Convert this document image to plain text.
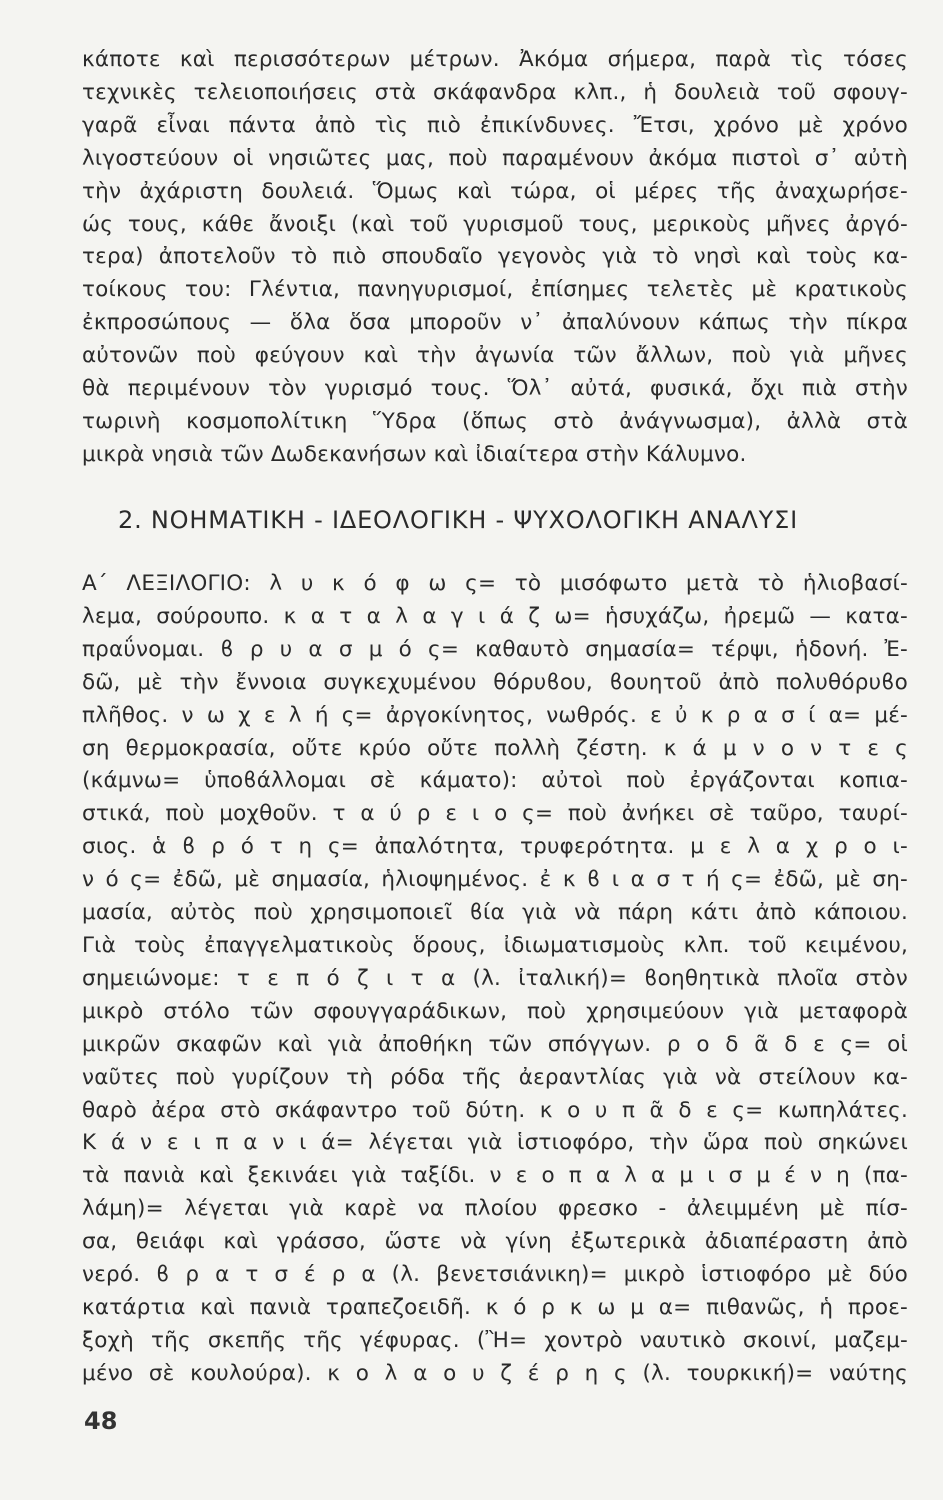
κάποτε καὶ περισσότερων μέτρων. Ἀκόμα σήμερα, παρὰ τὶς τόσες
τεχνικὲς τελειοποιήσεις στὰ σκάφανδρα κλπ., ἡ δουλειὰ τοῦ σφουγ-
γαρᾶ εἶναι πάντα ἀπὸ τὶς πιὸ ἐπικίνδυνες. Ἔτσι, χρόνο μὲ χρόνο
λιγοστεύουν οἱ νησιῶτες μας, ποὺ παραμένουν ἀκόμα πιστοὶ σ᾽ αὐτὴ
τὴν ἀχάριστη δουλειά. Ὅμως καὶ τώρα, οἱ μέρες τῆς ἀναχωρήσε-
ώς τους, κάθε ἄνοιξι (καὶ τοῦ γυρισμοῦ τους, μερικοὺς μῆνες ἀργό-
τερα) ἀποτελοῦν τὸ πιὸ σπουδαῖο γεγονὸς γιὰ τὸ νησὶ καὶ τοὺς κα-
τοίκους του: Γλέντια, πανηγυρισμοί, ἐπίσημες τελετὲς μὲ κρατικοὺς
ἐκπροσώπους — ὅλα ὅσα μποροῦν ν᾽ ἀπαλύνουν κάπως τὴν πίκρα
αὐτονῶν ποὺ φεύγουν καὶ τὴν ἀγωνία τῶν ἄλλων, ποὺ γιὰ μῆνες
θὰ περιμένουν τὸν γυρισμό τους. Ὅλ᾽ αὐτά, φυσικά, ὄχι πιὰ στὴν
τωρινὴ κοσμοπολίτικη Ὕδρα (ὅπως στὸ ἀνάγνωσμα), ἀλλὰ στὰ
μικρὰ νησιὰ τῶν Δωδεκανήσων καὶ ἰδιαίτερα στὴν Κάλυμνο.
2. ΝΟΗΜΑΤΙΚΗ - ΙΔΕΟΛΟΓΙΚΗ - ΨΥΧΟΛΟΓΙΚΗ ΑΝΑΛΥΣΙ
Α΄ ΛΕΞΙΛΟΓΙΟ: λ υ κ ό φ ω ς= τὸ μισόφωτο μετὰ τὸ ἡλιοβασί-
λεμα, σούρουπο. κ α τ α λ α γ ι ά ζ ω= ἡσυχάζω, ἠρεμῶ — κατα-
πραΰνομαι. ϐ ρ υ α σ μ ό ς= καθαυτὸ σημασία= τέρψι, ἡδονή. Ἐ-
δῶ, μὲ τὴν ἔννοια συγκεχυμένου θόρυϐου, ϐουητοῦ ἀπὸ πολυθόρυϐο
πλῆθος. ν ω χ ε λ ή ς= ἀργοκίνητος, νωθρός. ε ὐ κ ρ α σ ί α= μέ-
ση θερμοκρασία, οὔτε κρύο οὔτε πολλὴ ζέστη. κ ά μ ν ο ν τ ε ς
(κάμνω= ὑποϐάλλομαι σὲ κάματο): αὐτοὶ ποὺ ἐργάζονται κοπια-
στικά, ποὺ μοχθοῦν. τ α ύ ρ ε ι ο ς= ποὺ ἀνήκει σὲ ταῦρο, ταυρί-
σιος. ἁ ϐ ρ ό τ η ς= ἀπαλότητα, τρυφερότητα. μ ε λ α χ ρ ο ι-
ν ό ς= ἐδῶ, μὲ σημασία, ἡλιοψημένος. ἐ κ ϐ ι α σ τ ή ς= ἐδῶ, μὲ ση-
μασία, αὐτὸς ποὺ χρησιμοποιεῖ ϐία γιὰ νὰ πάρη κάτι ἀπὸ κάποιου.
Γιὰ τοὺς ἐπαγγελματικοὺς ὅρους, ἰδιωματισμοὺς κλπ. τοῦ κειμένου,
σημειώνομε: τ ε π ό ζ ι τ α (λ. ἰταλική)= ϐοηθητικὰ πλοῖα στὸν
μικρὸ στόλο τῶν σφουγγαράδικων, ποὺ χρησιμεύουν γιὰ μεταφορὰ
μικρῶν σκαφῶν καὶ γιὰ ἀποθήκη τῶν σπόγγων. ρ ο δ ᾶ δ ε ς= οἱ
ναῦτες ποὺ γυρίζουν τὴ ρόδα τῆς ἀεραντλίας γιὰ νὰ στείλουν κα-
θαρὸ ἀέρα στὸ σκάφαντρο τοῦ δύτη. κ ο υ π ᾶ δ ε ς= κωπηλάτες.
Κ ά ν ε ι π α ν ι ά= λέγεται γιὰ ἱστιοφόρο, τὴν ὥρα ποὺ σηκώνει
τὰ πανιὰ καὶ ξεκινάει γιὰ ταξίδι. ν ε ο π α λ α μ ι σ μ έ ν η (πα-
λάμη)= λέγεται γιὰ καρὲ να πλοίου φρεσκο - ἀλειμμένη μὲ πίσ-
σα, θειάφι καὶ γράσσο, ὥστε νὰ γίνη ἐξωτερικὰ ἀδιαπέραστη ἀπὸ
νερό. ϐ ρ α τ σ έ ρ α (λ. βενετσιάνικη)= μικρὸ ἱστιοφόρο μὲ δύο
κατάρτια καὶ πανιὰ τραπεζοειδῆ. κ ό ρ κ ω μ α= πιθανῶς, ἡ προε-
ξοχὴ τῆς σκεπῆς τῆς γέφυρας. (Ἢ= χοντρὸ ναυτικὸ σκοινί, μαζεμ-
μένο σὲ κουλούρα). κ ο λ α ο υ ζ έ ρ η ς (λ. τουρκική)= ναύτης
48
